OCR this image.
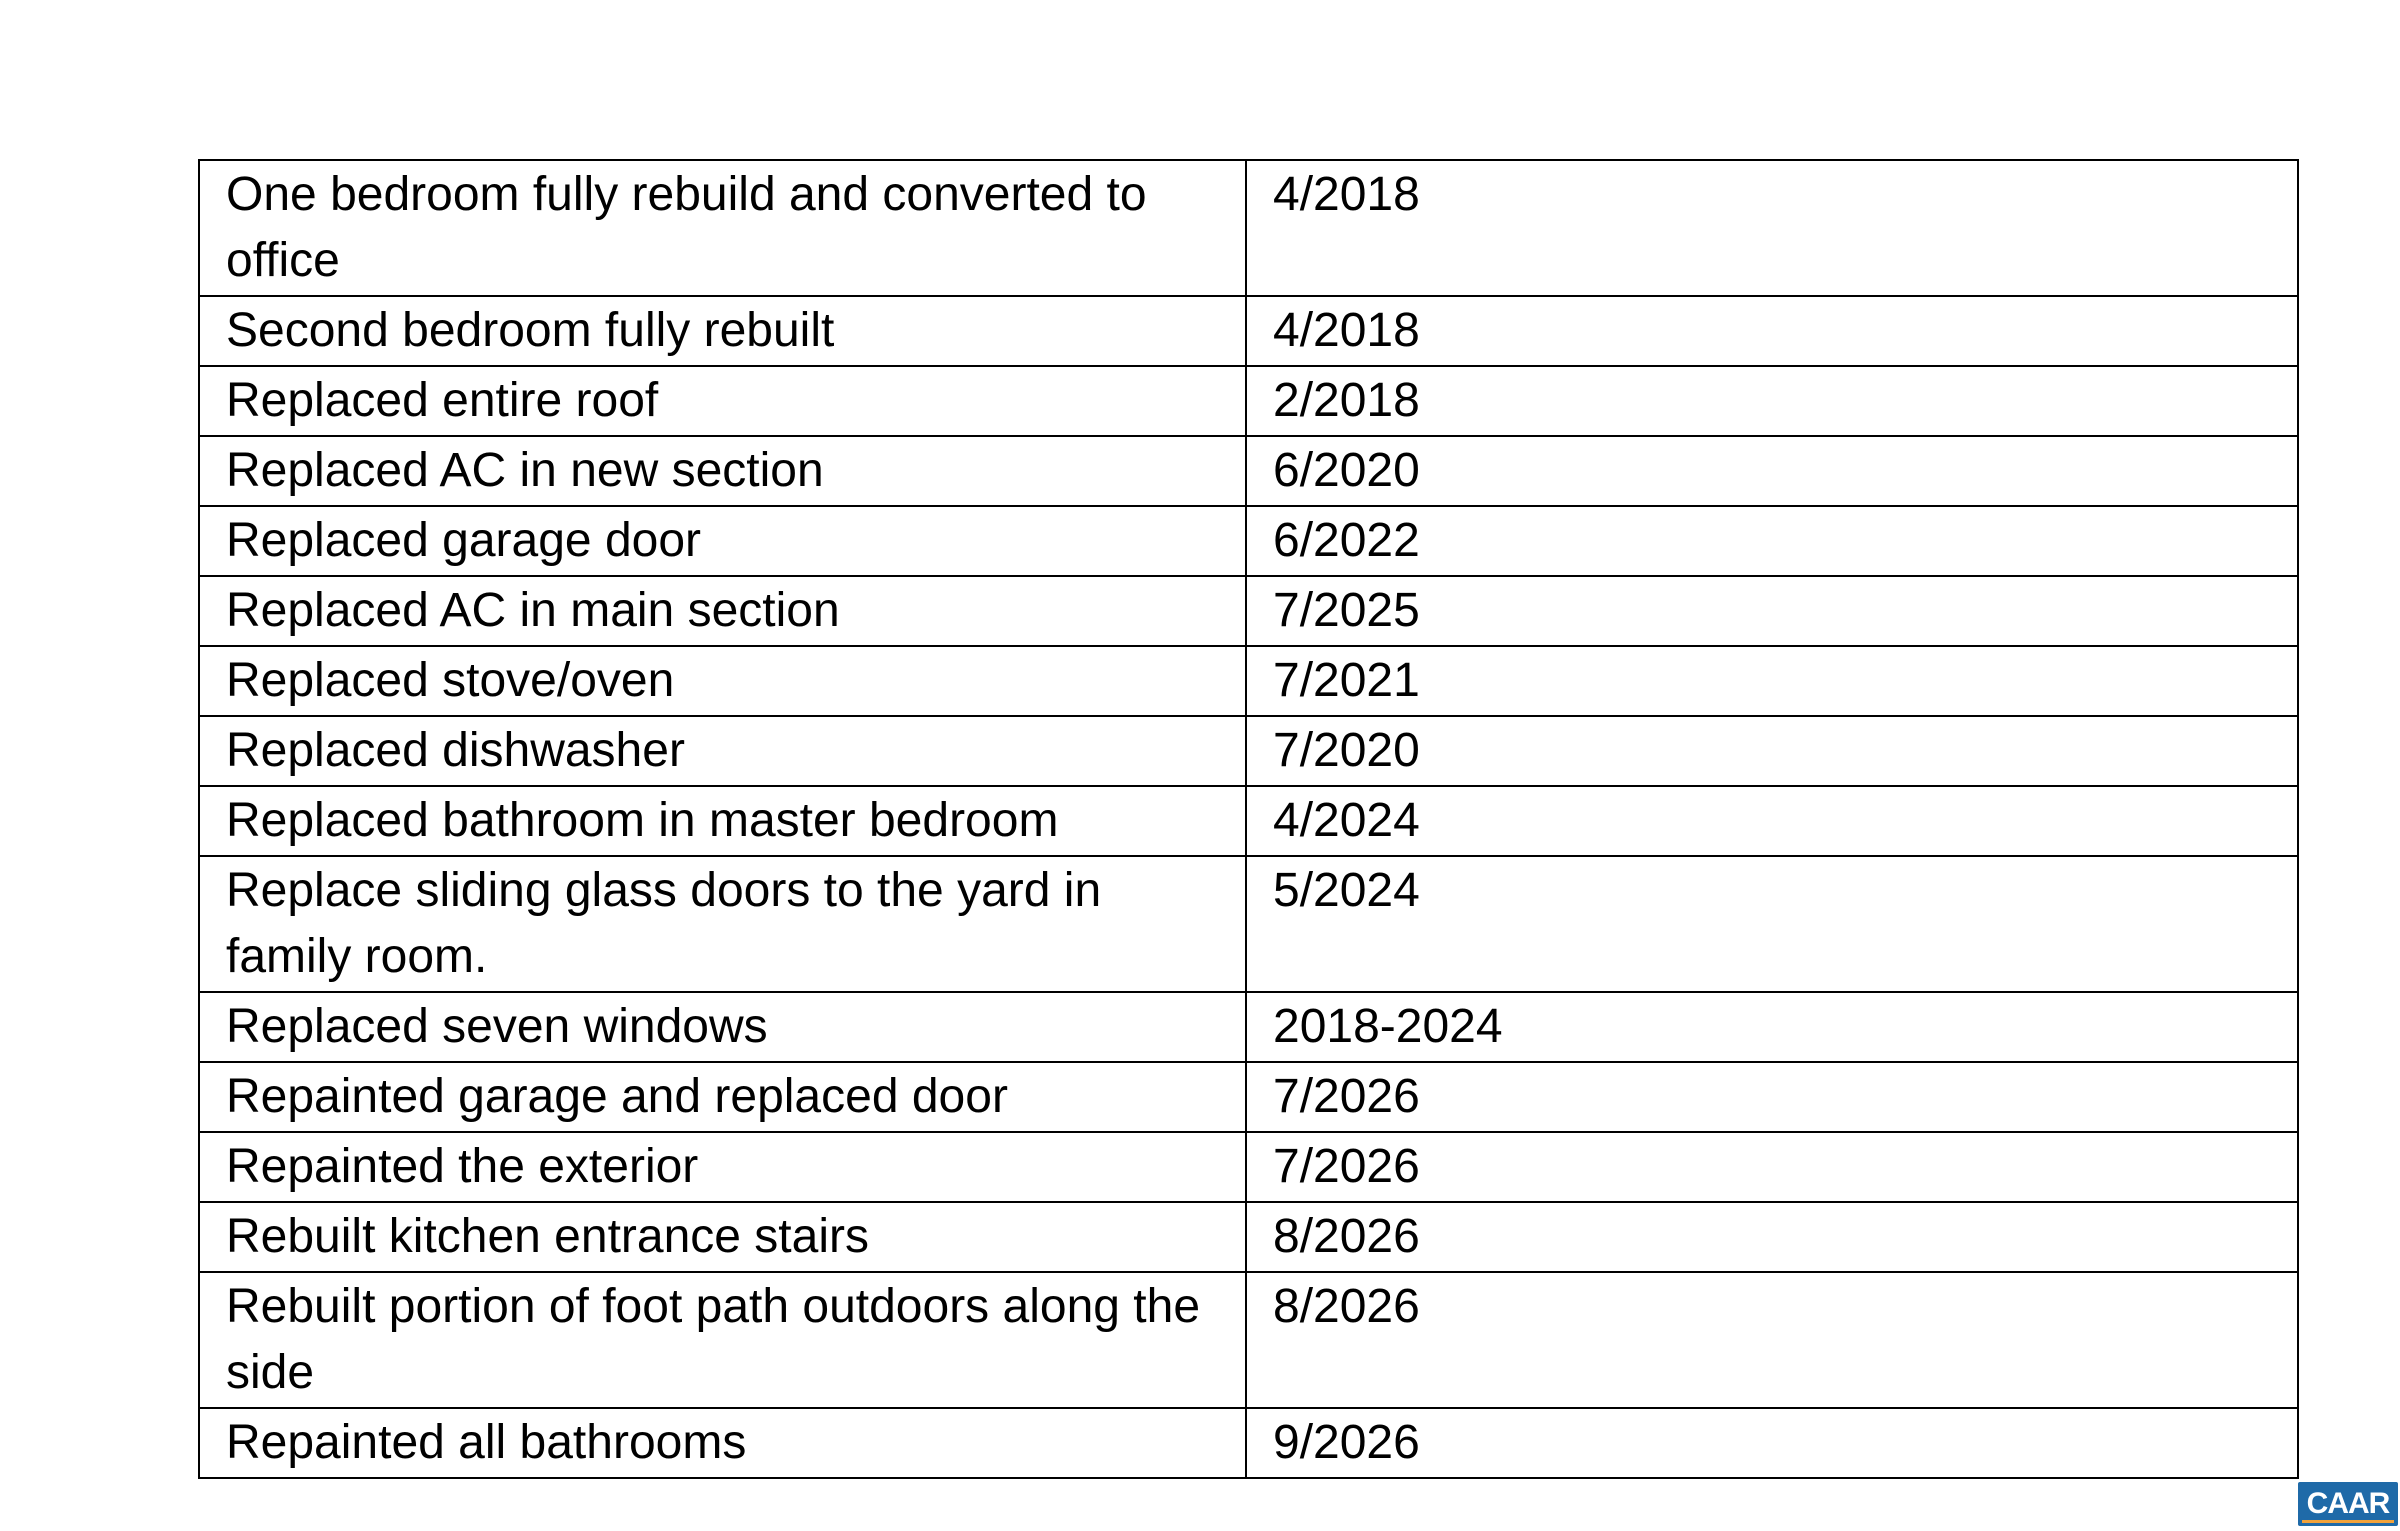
One bedroom fully rebuild and converted to office	4/2018
Second bedroom fully rebuilt	4/2018
Replaced entire roof	2/2018
Replaced AC in new section	6/2020
Replaced garage door	6/2022
Replaced AC in main section	7/2025
Replaced stove/oven	7/2021
Replaced dishwasher	7/2020
Replaced bathroom in master bedroom	4/2024
Replace sliding glass doors to the yard in family room.	5/2024
Replaced seven windows	2018-2024
Repainted garage and replaced door	7/2026
Repainted the exterior	7/2026
Rebuilt kitchen entrance stairs	8/2026
Rebuilt portion of foot path outdoors along the side	8/2026
Repainted all bathrooms	9/2026
CAAR
